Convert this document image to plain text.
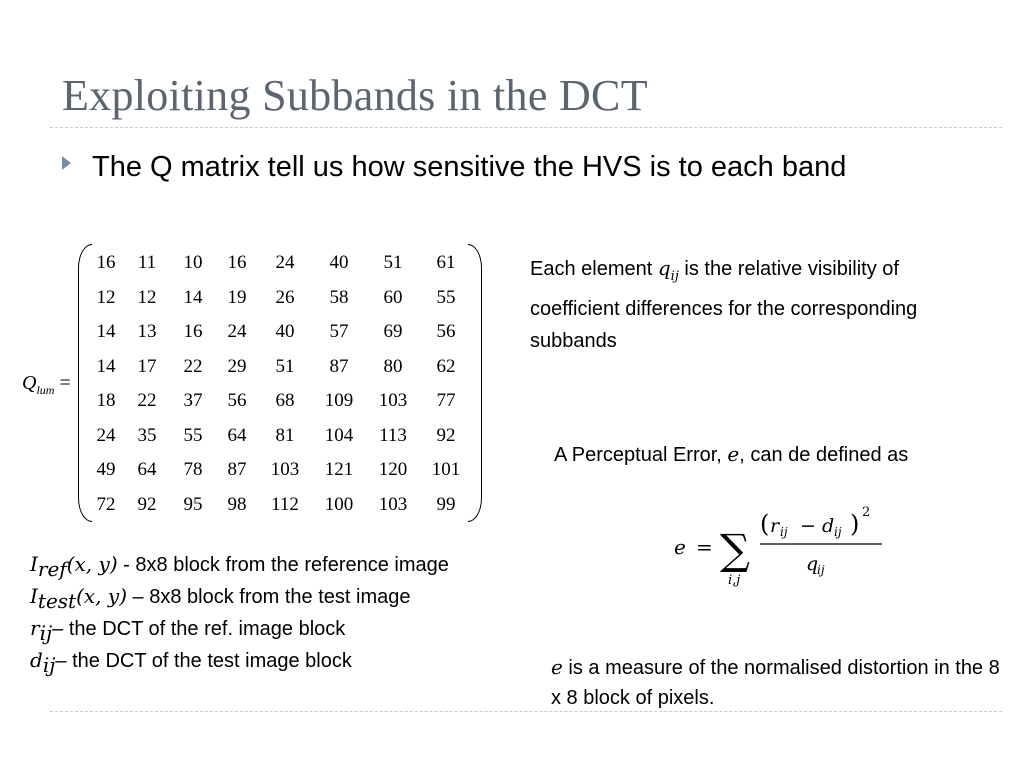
Exploiting Subbands in the DCT
The Q matrix tell us how sensitive the HVS is to each band
$Q_{lum}$ =
16	11	10	16	24	40	51	61
12	12	14	19	26	58	60	55
14	13	16	24	40	57	69	56
14	17	22	29	51	87	80	62
18	22	37	56	68	109	103	77
24	35	55	64	81	104	113	92
49	64	78	87	103	121	120	101
72	92	95	98	112	100	103	99
Each element $q_{ij}$ is the relative visibility of coefficient differences for the corresponding subbands
A Perceptual Error, e, can de defined as
e = ∑
i,j
( r ij − d ij ) 2
q
ij
$I_{ref}(x$, y) - 8x8 block from the reference image
$I_{test}(x$, y) – 8x8 block from the test image
$r_{ij}-$ the DCT of the ref. image block
$d_{ij}-$ the DCT of the test image block	e is a measure of the normalised distortion in the 8 x 8 block of pixels.
